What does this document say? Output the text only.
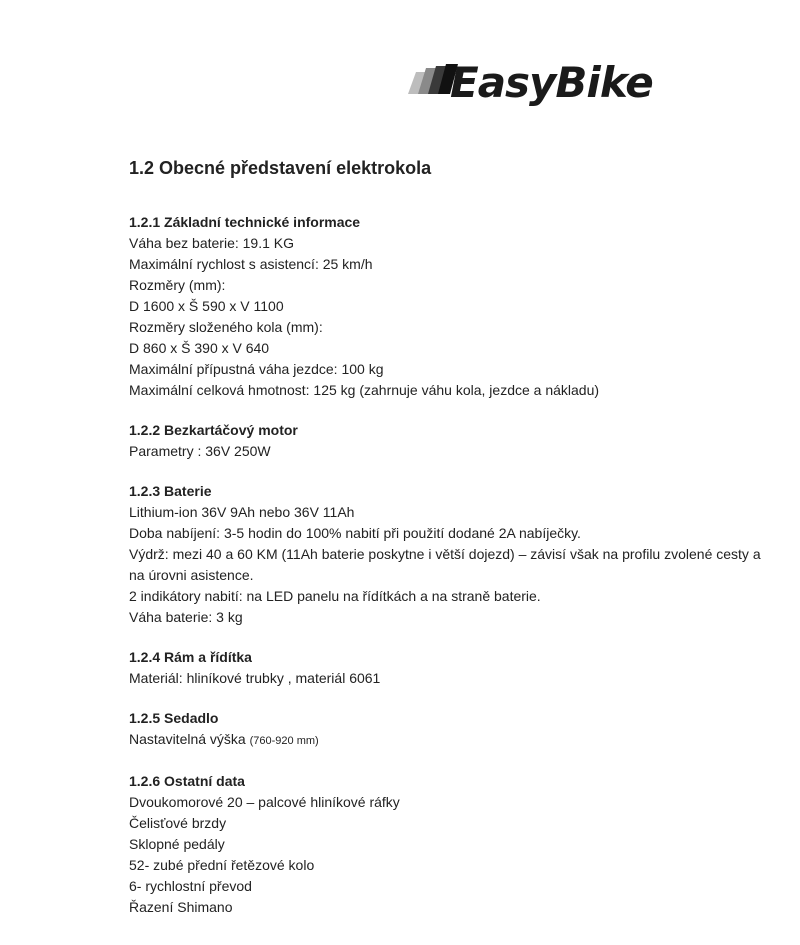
EasyBike
1.2 Obecné představení elektrokola
1.2.1 Základní technické informace
Váha bez baterie: 19.1 KG
Maximální rychlost s asistencí: 25 km/h
Rozměry (mm):
D 1600 x Š 590 x V 1100
Rozměry složeného kola (mm):
D 860 x Š 390 x V 640
Maximální přípustná váha jezdce: 100 kg
Maximální celková hmotnost: 125 kg (zahrnuje váhu kola, jezdce a nákladu)
1.2.2 Bezkartáčový motor
Parametry : 36V 250W
1.2.3 Baterie
Lithium-ion 36V 9Ah nebo 36V 11Ah
Doba nabíjení: 3-5 hodin do 100% nabití při použití dodané 2A nabíječky.
Výdrž: mezi 40 a 60 KM (11Ah baterie poskytne i větší dojezd) – závisí však na profilu zvolené cesty a na úrovni asistence.
2 indikátory nabití: na LED panelu na řídítkách a na straně baterie.
Váha baterie: 3 kg
1.2.4 Rám a řídítka
Materiál: hliníkové trubky , materiál 6061
1.2.5 Sedadlo
Nastavitelná výška (760-920 mm)
1.2.6 Ostatní data
Dvoukomorové 20 – palcové hliníkové ráfky
Čelisťové brzdy
Sklopné pedály
52- zubé přední řetězové kolo
6- rychlostní převod
Řazení Shimano
